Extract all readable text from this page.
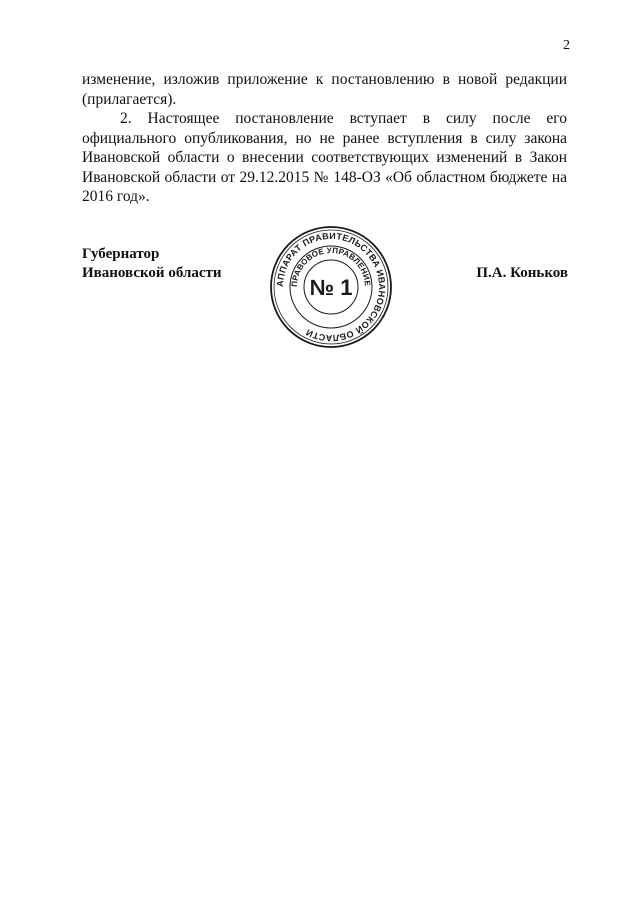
2

изменение, изложив приложение к постановлению в новой редакции (прилагается).

2. Настоящее постановление вступает в силу после его официального опубликования, но не ранее вступления в силу закона Ивановской области о внесении соответствующих изменений в Закон Ивановской области от 29.12.2015 № 148-ОЗ «Об областном бюджете на 2016 год».

Губернатор
Ивановской области	П.А. Коньков
АППАРАТ ПРАВИТЕЛЬСТВА ИВАНОВСКОЙ ОБЛАСТИ
ПРАВОВОЕ УПРАВЛЕНИЕ
№ 1
